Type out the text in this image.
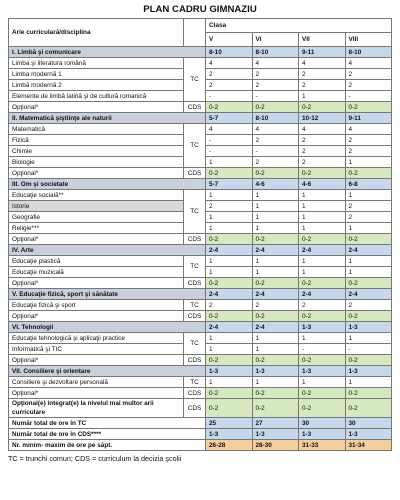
PLAN CADRU GIMNAZIU
Arie curriculară/disciplina		Clasa			
		V	VI	VII	VIII
I. Limbă şi comunicare		8-10	8-10	9-11	8-10
Limba şi literatura română	TC	4	4	4	4
Limba modernă 1		2	2	2	2
Limbă modernă 2		2	2	2	2
Elemente de limbă latină şi de cultură romanică		-	-	1	-
Opţional*	CDS	0-2	0-2	0-2	0-2
II. Matematică şiştiinţe ale naturii		5-7	8-10	10-12	9-11
Matematică	TC	4	4	4	4
Fizică		-	2	2	2
Chimie		-	-	2	2
Biologie		1	2	2	1
Opţional*	CDS	0-2	0-2	0-2	0-2
III. Om şi societate		5-7	4-6	4-6	6-8
Educaţie socială**	TC	1	1	1	1
Istorie		2	1	1	2
Geografie		1	1	1	2
Religie***		1	1	1	1
Opţional*	CDS	0-2	0-2	0-2	0-2
IV. Arte		2-4	2-4	2-4	2-4
Educaţie plastică	TC	1	1	1	1
Educaţie muzicală		1	1	1	1
Opţional*	CDS	0-2	0-2	0-2	0-2
V. Educaţie fizică, sport şi sănătate		2-4	2-4	2-4	2-4
Educaţie fizică şi sport	TC	2	2	2	2
Opţional*	CDS	0-2	0-2	0-2	0-2
VI. Tehnologii		2-4	2-4	1-3	1-3
Educaţie tehnologică şi aplicaţii practice	TC	1	1	1	1
Informatică şi TIC		1	1	-	-
Opţional*	CDS	0-2	0-2	0-2	0-2
VII. Consiliere şi orientare		1-3	1-3	1-3	1-3
Consiliere şi dezvoltare personală	TC	1	1	1	1
Opţional*	CDS	0-2	0-2	0-2	0-2
Opţional(e) integrat(e) la nivelul mai multor arii curriculare	CDS	0-2	0-2	0-2	0-2
Număr total de ore în TC		25	27	30	30
Număr total de ore în CDS****		1-3	1-3	1-3	1-3
Nr. minim- maxim de ore pe săpt.		26-28	28-30	31-33	31-34
TC = trunchi comun; CDS = curriculum la decizia şcolii
